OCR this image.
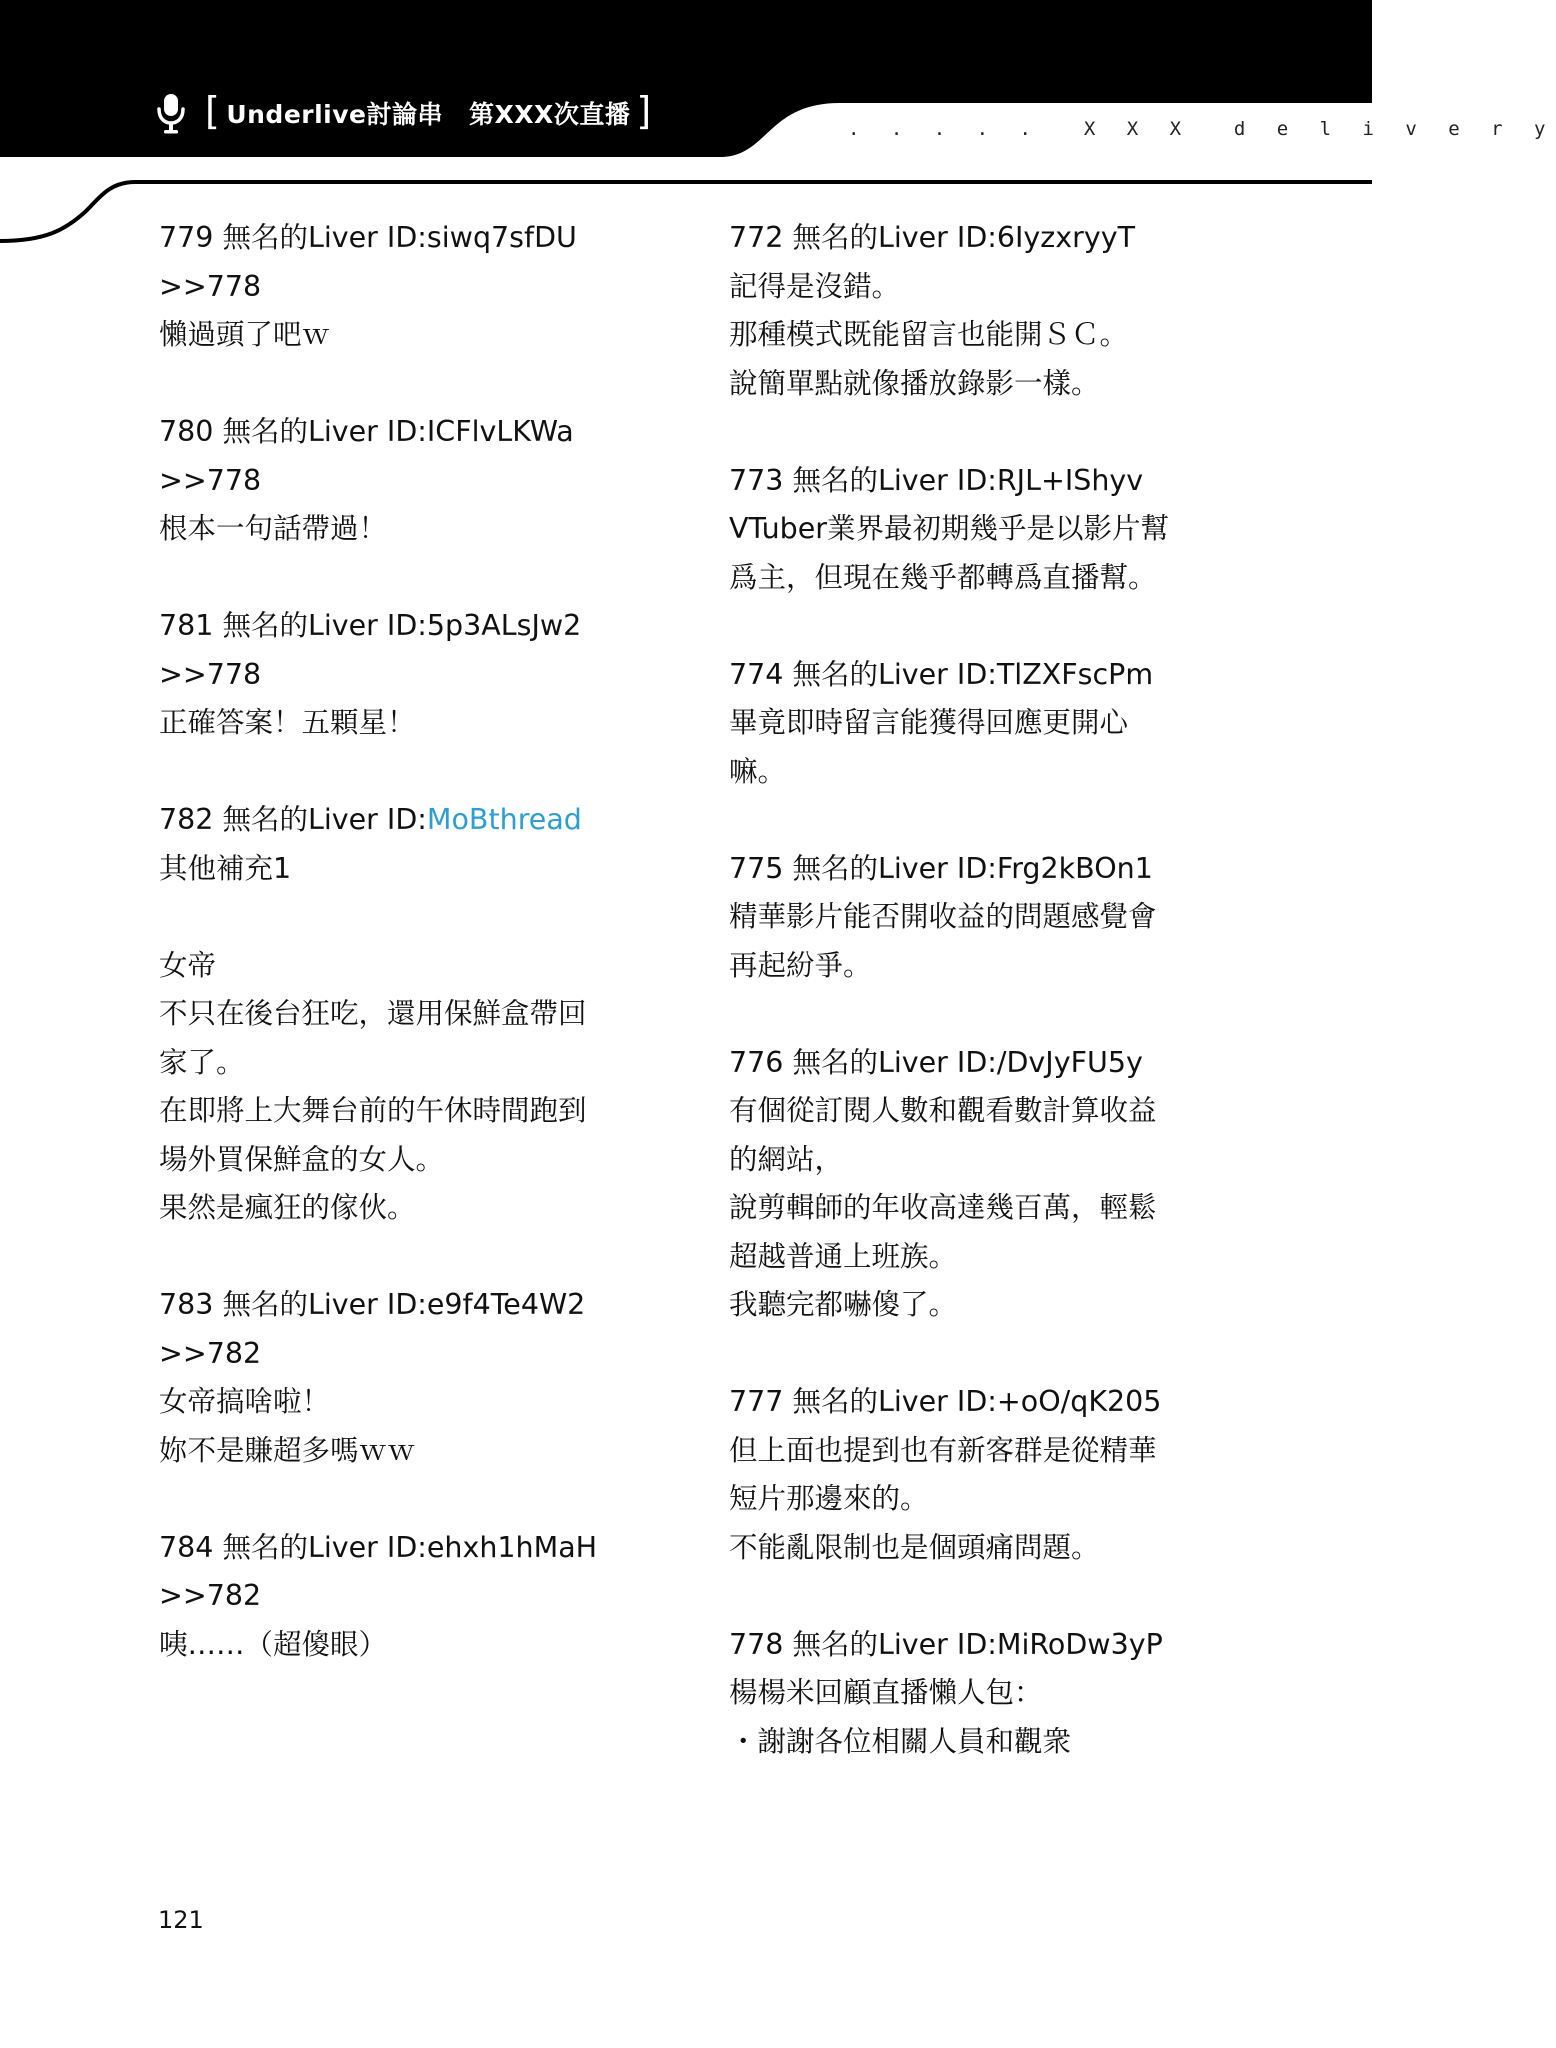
[ Underlive討論串 第XXX次直播 ]	. . . . .  X X X  d e l i v e r y
779 無名的Liver ID:siwq7sfDU
>>778
懶過頭了吧ｗ
780 無名的Liver ID:ICFlvLKWa
>>778
根本一句話帶過！
781 無名的Liver ID:5p3ALsJw2
>>778
正確答案！五顆星！
782 無名的Liver ID:MoBthread
其他補充1

女帝
不只在後台狂吃，還用保鮮盒帶回
家了。
在即將上大舞台前的午休時間跑到
場外買保鮮盒的女人。
果然是瘋狂的傢伙。
783 無名的Liver ID:e9f4Te4W2
>>782
女帝搞啥啦！
妳不是賺超多嗎ｗｗ
784 無名的Liver ID:ehxh1hMaH
>>782
咦……（超傻眼）
772 無名的Liver ID:6IyzxryyT
記得是沒錯。
那種模式既能留言也能開ＳＣ。
說簡單點就像播放錄影一樣。
773 無名的Liver ID:RJL+IShyv
VTuber業界最初期幾乎是以影片幫
爲主，但現在幾乎都轉爲直播幫。
774 無名的Liver ID:TlZXFscPm
畢竟即時留言能獲得回應更開心
嘛。
775 無名的Liver ID:Frg2kBOn1
精華影片能否開收益的問題感覺會
再起紛爭。
776 無名的Liver ID:/DvJyFU5y
有個從訂閱人數和觀看數計算收益
的網站，
說剪輯師的年收高達幾百萬，輕鬆
超越普通上班族。
我聽完都嚇傻了。
777 無名的Liver ID:+oO/qK205
但上面也提到也有新客群是從精華
短片那邊來的。
不能亂限制也是個頭痛問題。
778 無名的Liver ID:MiRoDw3yP
楊楊米回顧直播懶人包：
・謝謝各位相關人員和觀衆
121
